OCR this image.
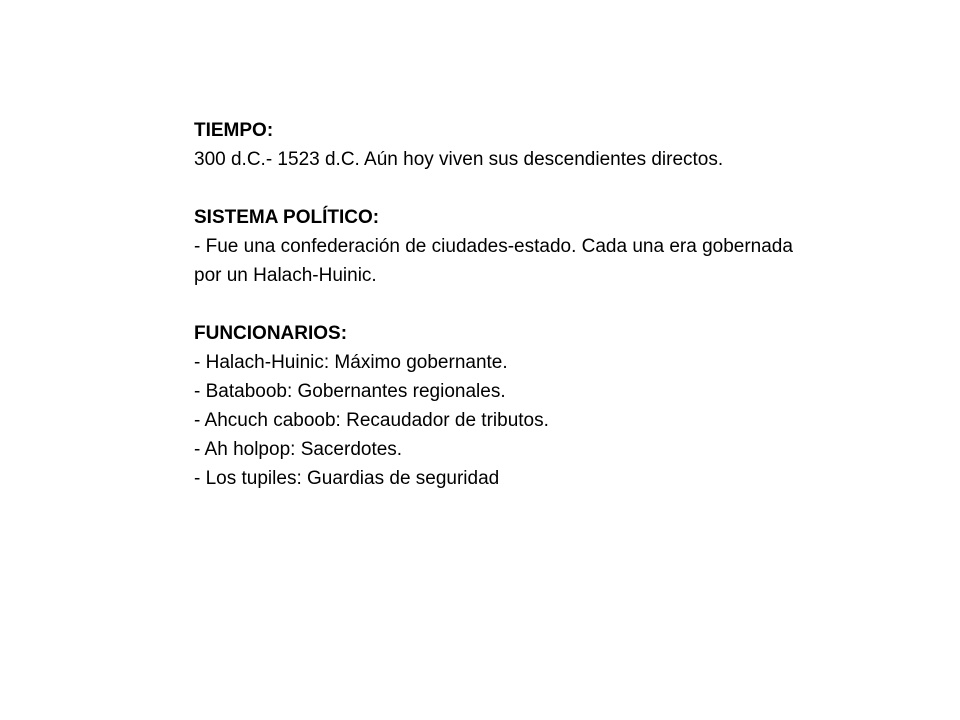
TIEMPO:
300 d.C.- 1523 d.C. Aún hoy viven sus descendientes directos.
SISTEMA POLÍTICO:
- Fue una confederación de ciudades-estado. Cada una era gobernada por un Halach-Huinic.
FUNCIONARIOS:
- Halach-Huinic: Máximo gobernante.
- Bataboob: Gobernantes regionales.
- Ahcuch caboob: Recaudador de tributos.
- Ah holpop: Sacerdotes.
- Los tupiles: Guardias de seguridad
